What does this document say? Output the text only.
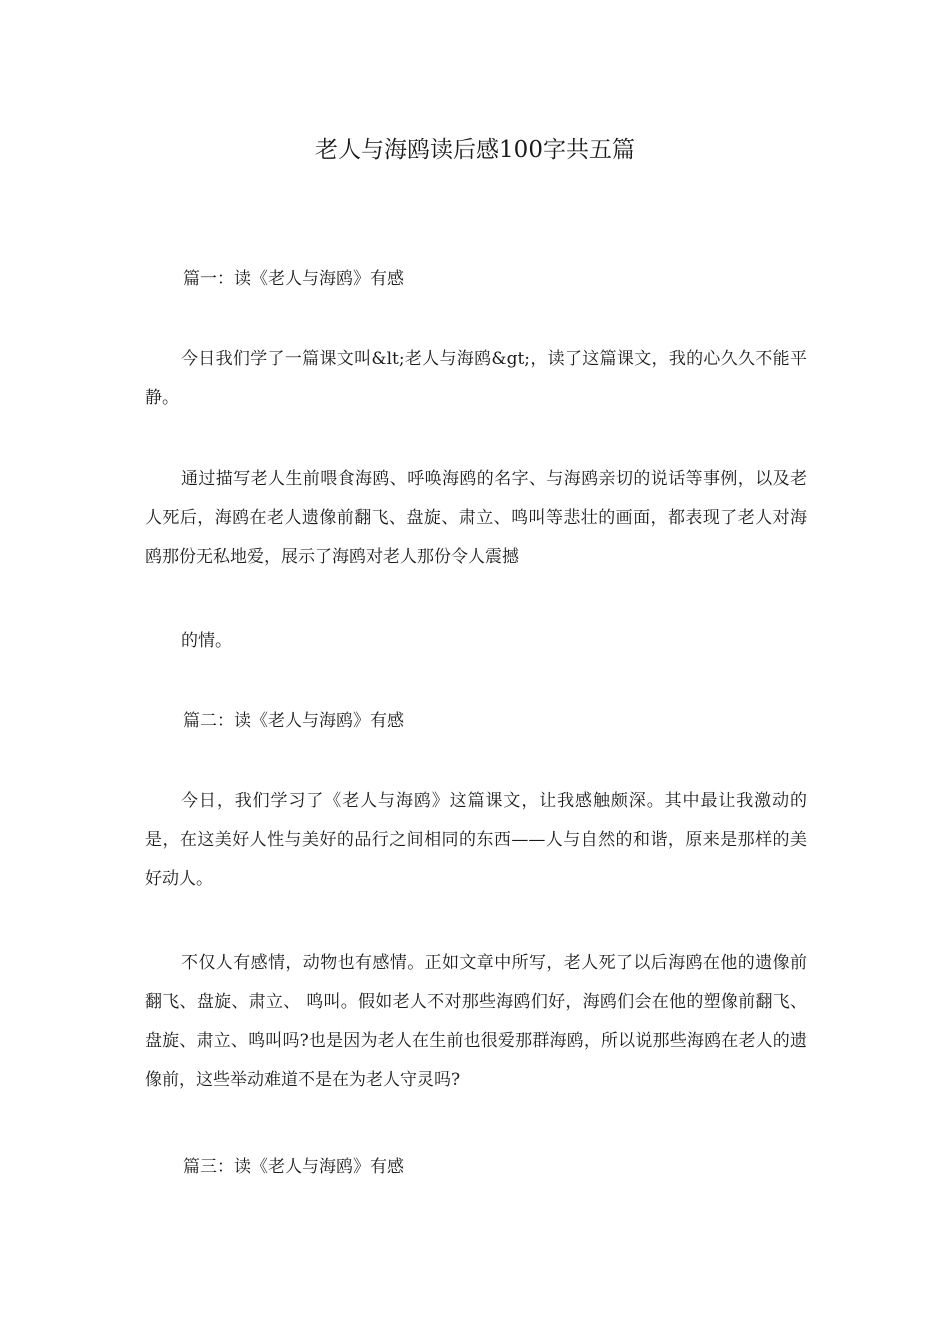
老人与海鸥读后感100字共五篇
篇一：读《老人与海鸥》有感

今日我们学了一篇课文叫&lt;老人与海鸥&gt;，读了这篇课文，我的心久久不能平静。

通过描写老人生前喂食海鸥、呼唤海鸥的名字、与海鸥亲切的说话等事例，以及老人死后，海鸥在老人遗像前翻飞、盘旋、肃立、鸣叫等悲壮的画面，都表现了老人对海鸥那份无私地爱，展示了海鸥对老人那份令人震撼

的情。

篇二：读《老人与海鸥》有感

今日，我们学习了《老人与海鸥》这篇课文，让我感触颇深。其中最让我激动的是，在这美好人性与美好的品行之间相同的东西——人与自然的和谐，原来是那样的美好动人。

不仅人有感情，动物也有感情。正如文章中所写，老人死了以后海鸥在他的遗像前翻飞、盘旋、肃立、 鸣叫。假如老人不对那些海鸥们好，海鸥们会在他的塑像前翻飞、盘旋、肃立、鸣叫吗?也是因为老人在生前也很爱那群海鸥，所以说那些海鸥在老人的遗像前，这些举动难道不是在为老人守灵吗?

篇三：读《老人与海鸥》有感
